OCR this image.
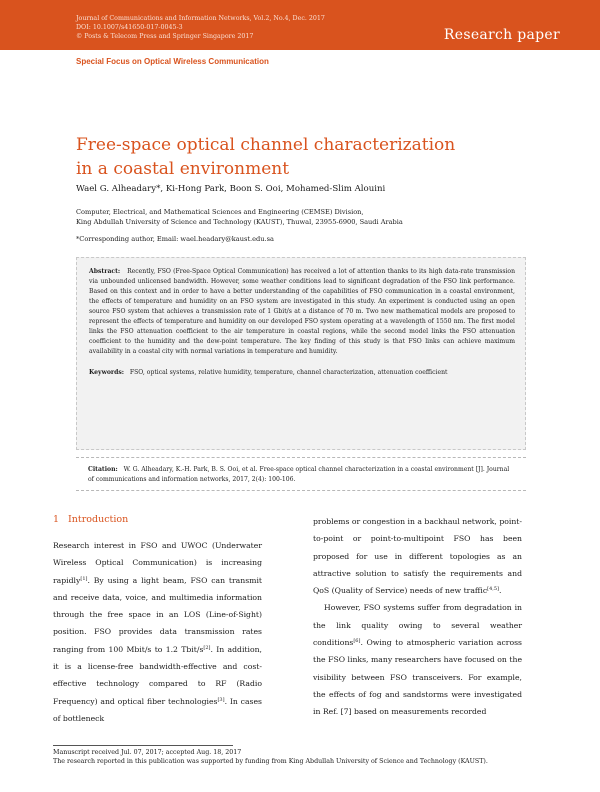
Journal of Communications and Information Networks, Vol.2, No.4, Dec. 2017
DOI: 10.1007/s41650-017-0045-3
© Posts & Telecom Press and Springer Singapore 2017	Research paper
Special Focus on Optical Wireless Communication
Free-space optical channel characterization
in a coastal environment
Wael G. Alheadary*, Ki-Hong Park, Boon S. Ooi, Mohamed-Slim Alouini
Computer, Electrical, and Mathematical Sciences and Engineering (CEMSE) Division,
King Abdullah University of Science and Technology (KAUST), Thuwal, 23955-6900, Saudi Arabia
*Corresponding author, Email: wael.headary@kaust.edu.sa

Abstract: Recently, FSO (Free-Space Optical Communication) has received a lot of attention thanks to its high data-rate transmission via unbounded unlicensed bandwidth. However, some weather conditions lead to significant degradation of the FSO link performance. Based on this context and in order to have a better understanding of the capabilities of FSO communication in a coastal environment, the effects of temperature and humidity on an FSO system are investigated in this study. An experiment is conducted using an open source FSO system that achieves a transmission rate of 1 Gbit/s at a distance of 70 m. Two new mathematical models are proposed to represent the effects of temperature and humidity on our developed FSO system operating at a wavelength of 1550 nm. The first model links the FSO attenuation coefficient to the air temperature in coastal regions, while the second model links the FSO attenuation coefficient to the humidity and the dew-point temperature. The key finding of this study is that FSO links can achieve maximum availability in a coastal city with normal variations in temperature and humidity.

Keywords: FSO, optical systems, relative humidity, temperature, channel characterization, attenuation coefficient

Citation: W. G. Alheadary, K.-H. Park, B. S. Ooi, et al. Free-space optical channel characterization in a coastal environment [J]. Journal of communications and information networks, 2017, 2(4): 100-106.
1 Introduction

Research interest in FSO and UWOC (Underwater Wireless Optical Communication) is increasing rapidly[1]. By using a light beam, FSO can transmit and receive data, voice, and multimedia information through the free space in an LOS (Line-of-Sight) position. FSO provides data transmission rates ranging from 100 Mbit/s to 1.2 Tbit/s[2]. In addition, it is a license-free bandwidth-effective and cost-effective technology compared to RF (Radio Frequency) and optical fiber technologies[3]. In cases of bottleneck

problems or congestion in a backhaul network, point-to-point or point-to-multipoint FSO has been proposed for use in different topologies as an attractive solution to satisfy the requirements and QoS (Quality of Service) needs of new traffic[4,5].

However, FSO systems suffer from degradation in the link quality owing to several weather conditions[6]. Owing to atmospheric variation across the FSO links, many researchers have focused on the visibility between FSO transceivers. For example, the effects of fog and sandstorms were investigated in Ref. [7] based on measurements recorded

Manuscript received Jul. 07, 2017; accepted Aug. 18, 2017
The research reported in this publication was supported by funding from King Abdullah University of Science and Technology (KAUST).
